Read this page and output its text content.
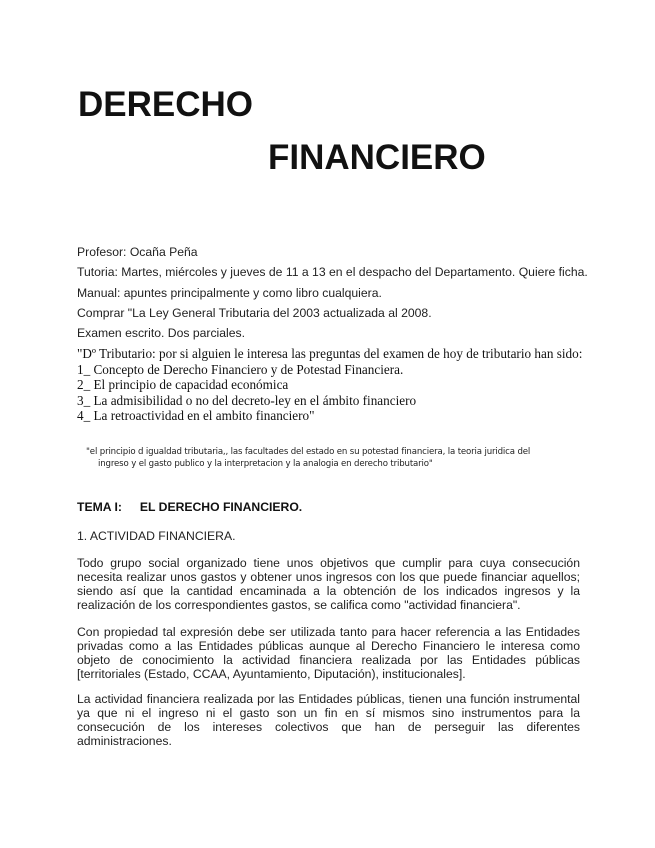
DERECHO
FINANCIERO
Profesor: Ocaña Peña
Tutoria: Martes, miércoles y jueves de 11 a 13 en el despacho del Departamento. Quiere ficha.
Manual: apuntes principalmente y como libro cualquiera.
Comprar "La Ley General Tributaria del 2003 actualizada al 2008.
Examen escrito. Dos parciales.
"Dº Tributario: por si alguien le interesa las preguntas del examen de hoy de tributario han sido:
1_ Concepto de Derecho Financiero y de Potestad Financiera.
2_ El principio de capacidad económica
3_ La admisibilidad o no del decreto-ley en el ámbito financiero
4_ La retroactividad en el ambito financiero"
"el principio d igualdad tributaria,, las facultades del estado en su potestad financiera, la teoria juridica del
ingreso y el gasto publico y la interpretacion y la analogia en derecho tributario"
TEMA I: EL DERECHO FINANCIERO.
1. ACTIVIDAD FINANCIERA.

Todo grupo social organizado tiene unos objetivos que cumplir para cuya consecución necesita realizar unos gastos y obtener unos ingresos con los que puede financiar aquellos; siendo así que la cantidad encaminada a la obtención de los indicados ingresos y la realización de los correspondientes gastos, se califica como "actividad financiera".

Con propiedad tal expresión debe ser utilizada tanto para hacer referencia a las Entidades privadas como a las Entidades públicas aunque al Derecho Financiero le interesa como objeto de conocimiento la actividad financiera realizada por las Entidades públicas [territoriales (Estado, CCAA, Ayuntamiento, Diputación), institucionales].

La actividad financiera realizada por las Entidades públicas, tienen una función instrumental ya que ni el ingreso ni el gasto son un fin en sí mismos sino instrumentos para la consecución de los intereses colectivos que han de perseguir las diferentes administraciones.
